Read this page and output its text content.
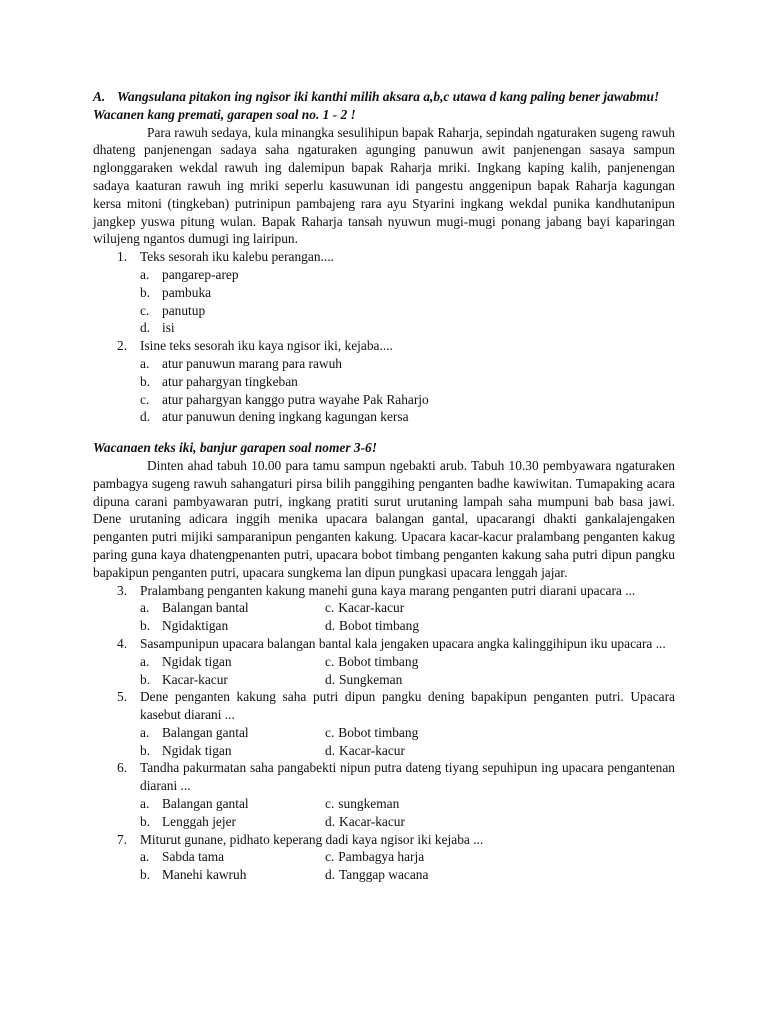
A. Wangsulana pitakon ing ngisor iki kanthi milih aksara a,b,c utawa d kang paling bener jawabmu!

Wacanen kang premati, garapen soal no. 1 - 2 !

Para rawuh sedaya, kula minangka sesulihipun bapak Raharja, sepindah ngaturaken sugeng rawuh dhateng panjenengan sadaya saha ngaturaken agunging panuwun awit panjenengan sasaya sampun nglonggaraken wekdal rawuh ing dalemipun bapak Raharja mriki. Ingkang kaping kalih, panjenengan sadaya kaaturan rawuh ing mriki seperlu kasuwunan idi pangestu anggenipun bapak Raharja kagungan kersa mitoni (tingkeban) putrinipun pambajeng rara ayu Styarini ingkang wekdal punika kandhutanipun jangkep yuswa pitung wulan. Bapak Raharja tansah nyuwun mugi-mugi ponang jabang bayi kaparingan wilujeng ngantos dumugi ing lairipun.

1. Teks sesorah iku kalebu perangan....
a. pangarep-arep
b. pambuka
c. panutup
d. isi
2. Isine teks sesorah iku kaya ngisor iki, kejaba....
a. atur panuwun marang para rawuh
b. atur pahargyan tingkeban
c. atur pahargyan kanggo putra wayahe Pak Raharjo
d. atur panuwun dening ingkang kagungan kersa

Wacanaen teks iki, banjur garapen soal nomer 3-6!

Dinten ahad tabuh 10.00 para tamu sampun ngebakti arub. Tabuh 10.30 pembyawara ngaturaken pambagya sugeng rawuh sahangaturi pirsa bilih panggihing penganten badhe kawiwitan. Tumapaking acara dipuna carani pambyawaran putri, ingkang pratiti surut urutaning lampah saha mumpuni bab basa jawi. Dene urutaning adicara inggih menika upacara balangan gantal, upacarangi dhakti gankalajengaken penganten putri mijiki samparanipun penganten kakung. Upacara kacar-kacur pralambang penganten kakug paring guna kaya dhatengpenanten putri, upacara bobot timbang penganten kakung saha putri dipun pangku bapakipun penganten putri, upacara sungkema lan dipun pungkasi upacara lenggah jajar.

3. Pralambang penganten kakung manehi guna kaya marang penganten putri diarani upacara ...
a. Balangan bantal	c. Kacar-kacur
b. Ngidaktigan	d. Bobot timbang
4. Sasampunipun upacara balangan bantal kala jengaken upacara angka kalinggihipun iku upacara ...
a. Ngidak tigan	c. Bobot timbang
b. Kacar-kacur	d. Sungkeman
5. Dene penganten kakung saha putri dipun pangku dening bapakipun penganten putri. Upacara kasebut diarani ...
a. Balangan gantal	c. Bobot timbang
b. Ngidak tigan	d. Kacar-kacur
6. Tandha pakurmatan saha pangabekti nipun putra dateng tiyang sepuhipun ing upacara pengantenan diarani ...
a. Balangan gantal	c. sungkeman
b. Lenggah jejer	d. Kacar-kacur
7. Miturut gunane, pidhato keperang dadi kaya ngisor iki kejaba ...
a. Sabda tama	c. Pambagya harja
b. Manehi kawruh	d. Tanggap wacana
